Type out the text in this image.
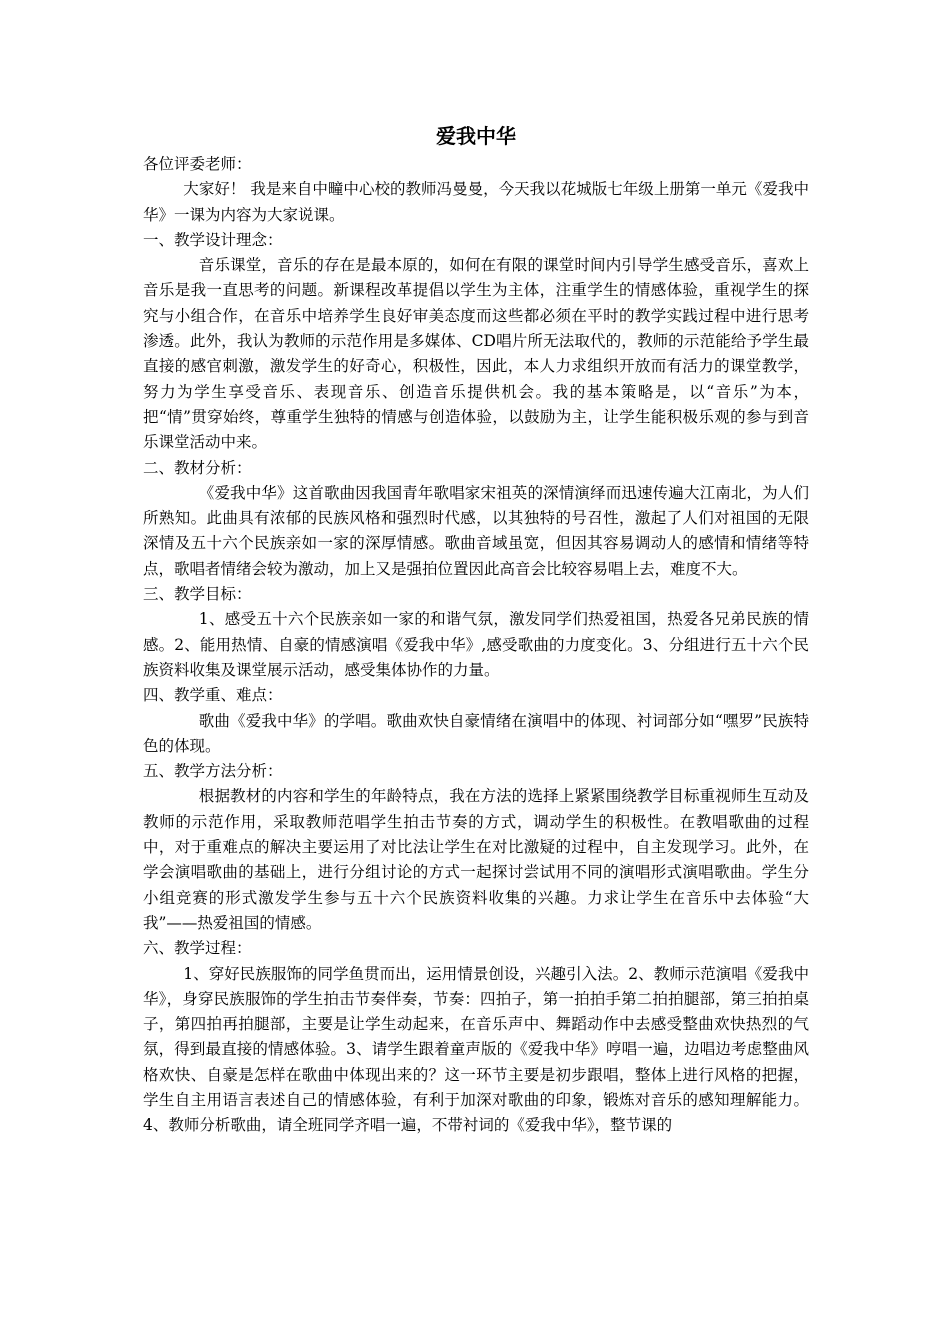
爱我中华

各位评委老师：

大家好！ 我是来自中疃中心校的教师冯曼曼，今天我以花城版七年级上册第一单元《爱我中华》一课为内容为大家说课。

一、教学设计理念：

音乐课堂，音乐的存在是最本原的，如何在有限的课堂时间内引导学生感受音乐，喜欢上音乐是我一直思考的问题。新课程改革提倡以学生为主体，注重学生的情感体验，重视学生的探究与小组合作，在音乐中培养学生良好审美态度而这些都必须在平时的教学实践过程中进行思考渗透。此外，我认为教师的示范作用是多媒体、CD唱片所无法取代的，教师的示范能给予学生最直接的感官刺激，激发学生的好奇心，积极性，因此，本人力求组织开放而有活力的课堂教学，努力为学生享受音乐、表现音乐、创造音乐提供机会。我的基本策略是，以“音乐”为本，把“情”贯穿始终，尊重学生独特的情感与创造体验，以鼓励为主，让学生能积极乐观的参与到音乐课堂活动中来。

二、教材分析：

《爱我中华》这首歌曲因我国青年歌唱家宋祖英的深情演绎而迅速传遍大江南北，为人们所熟知。此曲具有浓郁的民族风格和强烈时代感，以其独特的号召性，激起了人们对祖国的无限深情及五十六个民族亲如一家的深厚情感。歌曲音域虽宽，但因其容易调动人的感情和情绪等特点，歌唱者情绪会较为激动，加上又是强拍位置因此高音会比较容易唱上去，难度不大。

三、教学目标：

1、感受五十六个民族亲如一家的和谐气氛，激发同学们热爱祖国，热爱各兄弟民族的情感。2、能用热情、自豪的情感演唱《爱我中华》,感受歌曲的力度变化。3、分组进行五十六个民族资料收集及课堂展示活动，感受集体协作的力量。

四、教学重、难点：

歌曲《爱我中华》的学唱。歌曲欢快自豪情绪在演唱中的体现、衬词部分如“嘿罗”民族特色的体现。

五、教学方法分析：

根据教材的内容和学生的年龄特点，我在方法的选择上紧紧围绕教学目标重视师生互动及教师的示范作用，采取教师范唱学生拍击节奏的方式，调动学生的积极性。在教唱歌曲的过程中，对于重难点的解决主要运用了对比法让学生在对比激疑的过程中，自主发现学习。此外，在学会演唱歌曲的基础上，进行分组讨论的方式一起探讨尝试用不同的演唱形式演唱歌曲。学生分小组竞赛的形式激发学生参与五十六个民族资料收集的兴趣。力求让学生在音乐中去体验“大我”——热爱祖国的情感。

六、教学过程：

1、穿好民族服饰的同学鱼贯而出，运用情景创设，兴趣引入法。2、教师示范演唱《爱我中华》，身穿民族服饰的学生拍击节奏伴奏，节奏：四拍子，第一拍拍手第二拍拍腿部，第三拍拍桌子，第四拍再拍腿部，主要是让学生动起来，在音乐声中、舞蹈动作中去感受整曲欢快热烈的气氛，得到最直接的情感体验。3、请学生跟着童声版的《爱我中华》哼唱一遍，边唱边考虑整曲风格欢快、自豪是怎样在歌曲中体现出来的？这一环节主要是初步跟唱，整体上进行风格的把握，学生自主用语言表述自己的情感体验，有利于加深对歌曲的印象，锻炼对音乐的感知理解能力。4、教师分析歌曲，请全班同学齐唱一遍，不带衬词的《爱我中华》，整节课的
